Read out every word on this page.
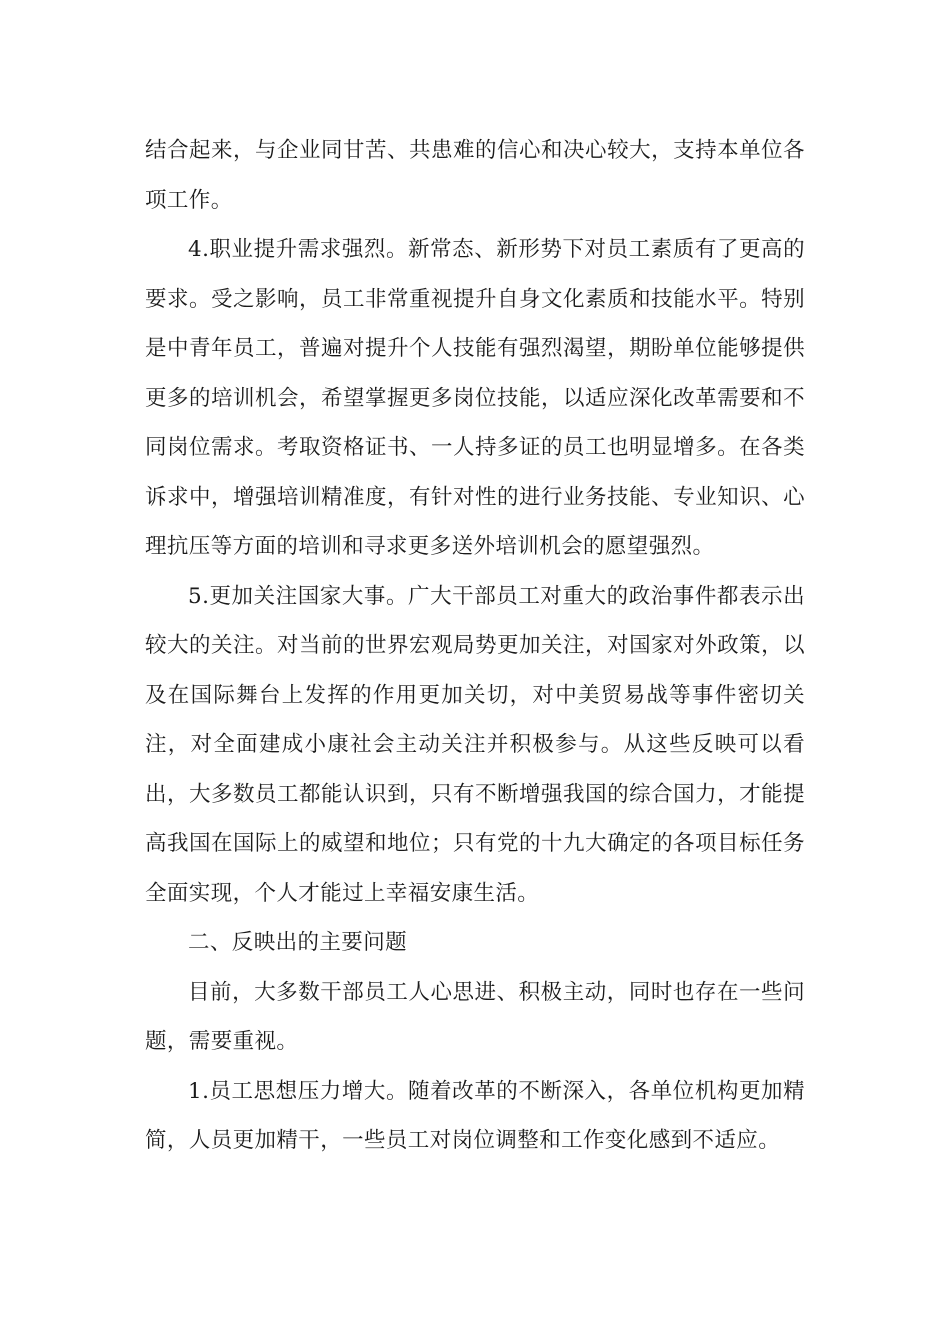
结合起来，与企业同甘苦、共患难的信心和决心较大，支持本单位各项工作。

4.职业提升需求强烈。新常态、新形势下对员工素质有了更高的要求。受之影响，员工非常重视提升自身文化素质和技能水平。特别是中青年员工，普遍对提升个人技能有强烈渴望，期盼单位能够提供更多的培训机会，希望掌握更多岗位技能，以适应深化改革需要和不同岗位需求。考取资格证书、一人持多证的员工也明显增多。在各类诉求中，增强培训精准度，有针对性的进行业务技能、专业知识、心理抗压等方面的培训和寻求更多送外培训机会的愿望强烈。

5.更加关注国家大事。广大干部员工对重大的政治事件都表示出较大的关注。对当前的世界宏观局势更加关注，对国家对外政策，以及在国际舞台上发挥的作用更加关切，对中美贸易战等事件密切关注，对全面建成小康社会主动关注并积极参与。从这些反映可以看出，大多数员工都能认识到，只有不断增强我国的综合国力，才能提高我国在国际上的威望和地位；只有党的十九大确定的各项目标任务全面实现，个人才能过上幸福安康生活。

二、反映出的主要问题

目前，大多数干部员工人心思进、积极主动，同时也存在一些问题，需要重视。

1.员工思想压力增大。随着改革的不断深入，各单位机构更加精简，人员更加精干，一些员工对岗位调整和工作变化感到不适应。
